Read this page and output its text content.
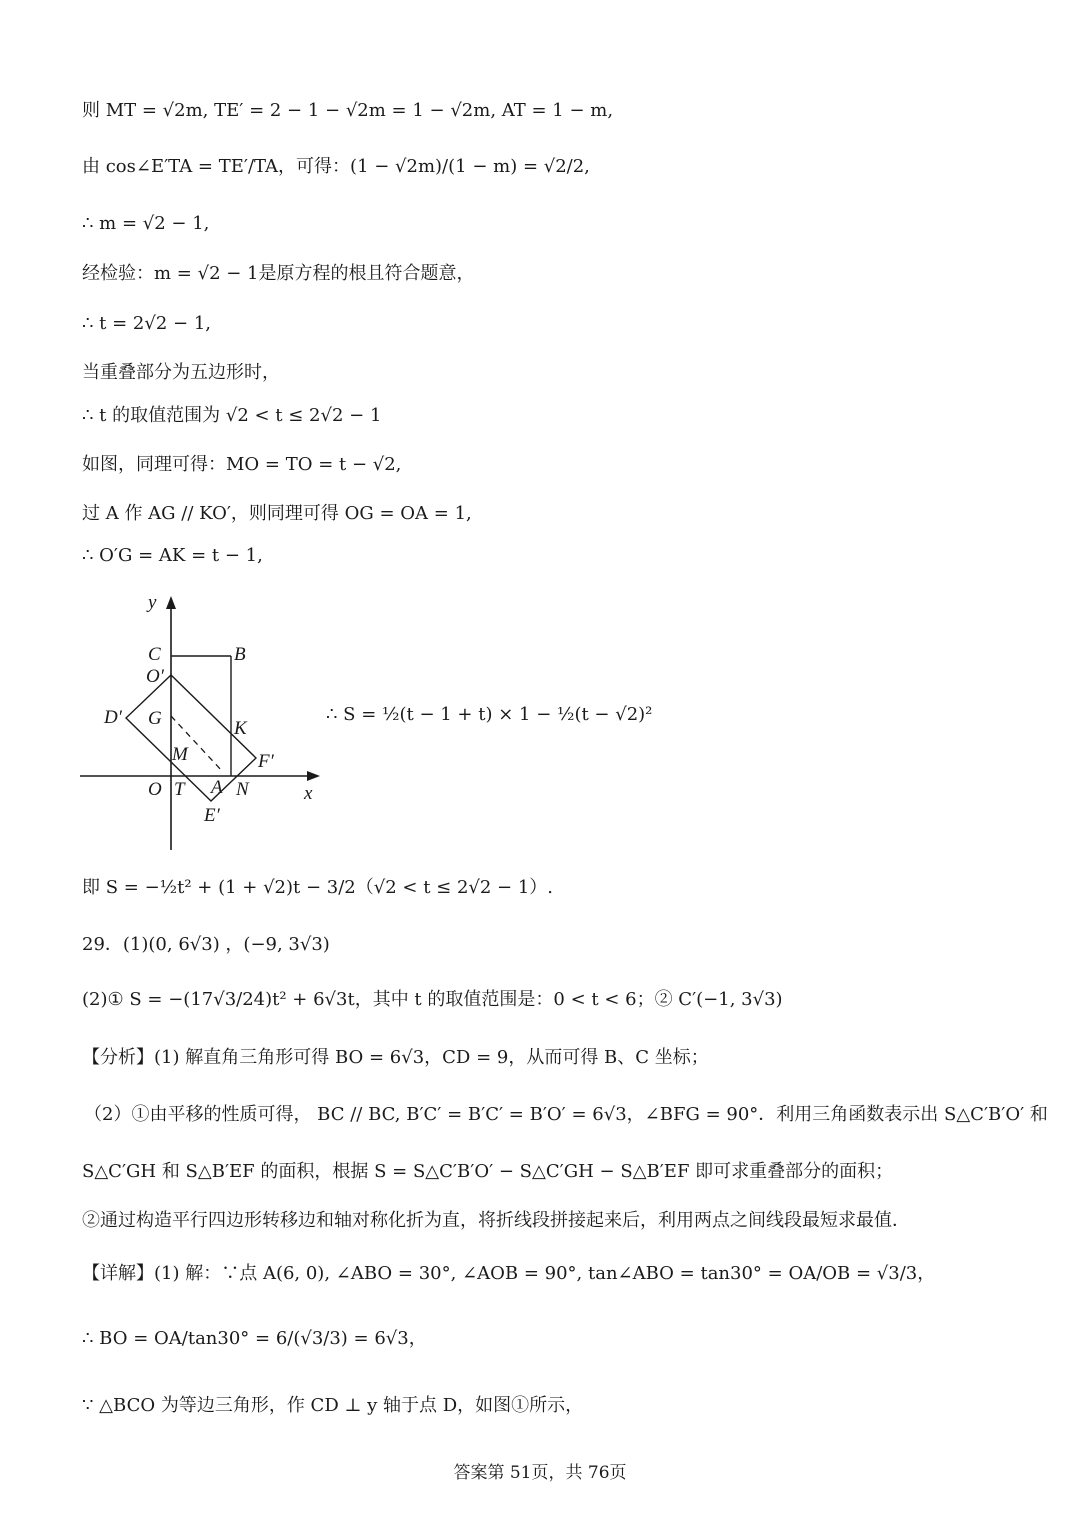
则 MT = √2m, TE′ = 2 − 1 − √2m = 1 − √2m, AT = 1 − m,
由 cos∠E′TA = TE′/TA，可得：(1 − √2m)/(1 − m) = √2/2,
∴ m = √2 − 1,
经检验：m = √2 − 1是原方程的根且符合题意，
∴ t = 2√2 − 1,
当重叠部分为五边形时，
∴ t 的取值范围为 √2 < t ≤ 2√2 − 1
如图，同理可得：MO = TO = t − √2,
过 A 作 AG // KO′，则同理可得 OG = OA = 1,
∴ O′G = AK = t − 1,
y
x
C	B
O′
D′ G	K
M	F′
O T A N
E′
∴ S = ½(t − 1 + t) × 1 − ½(t − √2)²
即 S = −½t² + (1 + √2)t − 3/2（√2 < t ≤ 2√2 − 1）.
29．(1)(0, 6√3) ，(−9, 3√3)
(2)① S = −(17√3/24)t² + 6√3t，其中 t 的取值范围是：0 < t < 6；② C′(−1, 3√3)
【分析】(1) 解直角三角形可得 BO = 6√3，CD = 9，从而可得 B、C 坐标；
（2）①由平移的性质可得， BC // BC, B′C′ = B′C′ = B′O′ = 6√3，∠BFG = 90°．利用三角函数表示出 S△C′B′O′ 和
S△C′GH 和 S△B′EF 的面积，根据 S = S△C′B′O′ − S△C′GH − S△B′EF 即可求重叠部分的面积；
②通过构造平行四边形转移边和轴对称化折为直，将折线段拼接起来后，利用两点之间线段最短求最值．
【详解】(1) 解：∵点 A(6, 0), ∠ABO = 30°, ∠AOB = 90°, tan∠ABO = tan30° = OA/OB = √3/3，
∴ BO = OA/tan30° = 6/(√3/3) = 6√3，
∵ △BCO 为等边三角形，作 CD ⊥ y 轴于点 D，如图①所示，
答案第 51页，共 76页
